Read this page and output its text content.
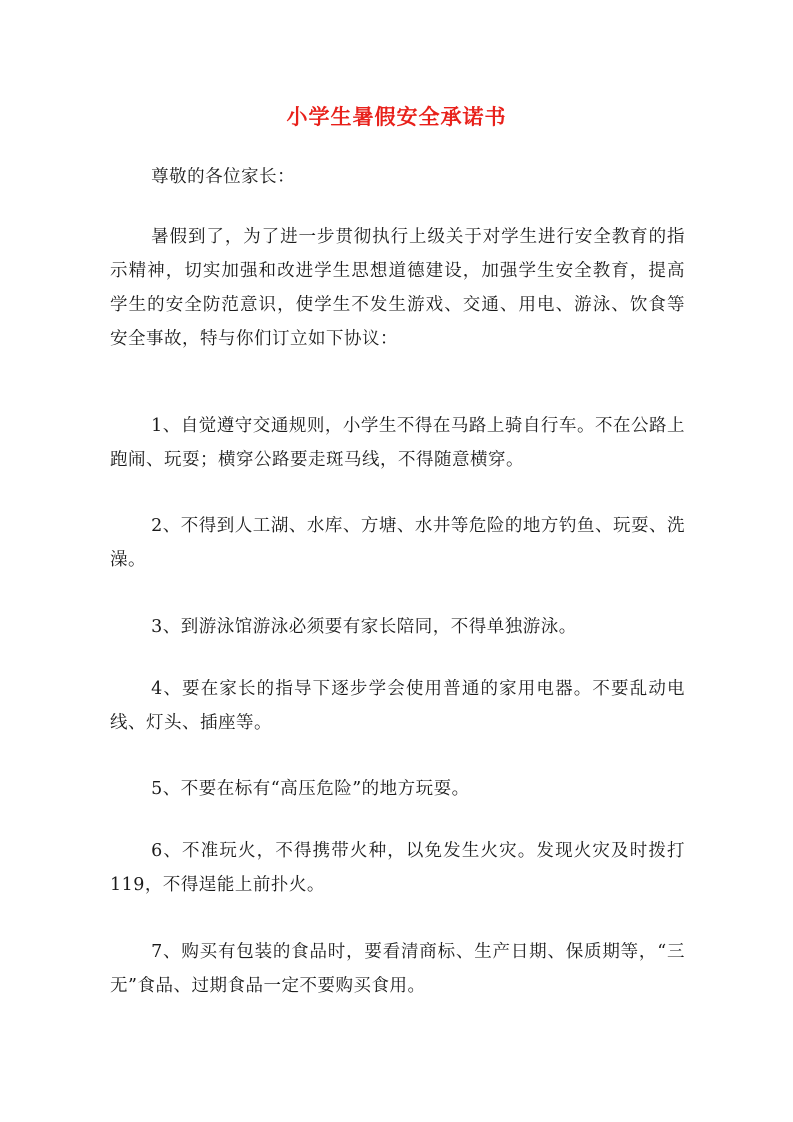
小学生暑假安全承诺书
尊敬的各位家长：
暑假到了，为了进一步贯彻执行上级关于对学生进行安全教育的指示精神，切实加强和改进学生思想道德建设，加强学生安全教育，提高学生的安全防范意识，使学生不发生游戏、交通、用电、游泳、饮食等安全事故，特与你们订立如下协议：
1、自觉遵守交通规则，小学生不得在马路上骑自行车。不在公路上跑闹、玩耍；横穿公路要走斑马线，不得随意横穿。
2、不得到人工湖、水库、方塘、水井等危险的地方钓鱼、玩耍、洗澡。
3、到游泳馆游泳必须要有家长陪同，不得单独游泳。
4、要在家长的指导下逐步学会使用普通的家用电器。不要乱动电线、灯头、插座等。
5、不要在标有“高压危险”的地方玩耍。
6、不准玩火，不得携带火种，以免发生火灾。发现火灾及时拨打 119，不得逞能上前扑火。
7、购买有包装的食品时，要看清商标、生产日期、保质期等，“三无”食品、过期食品一定不要购买食用。
